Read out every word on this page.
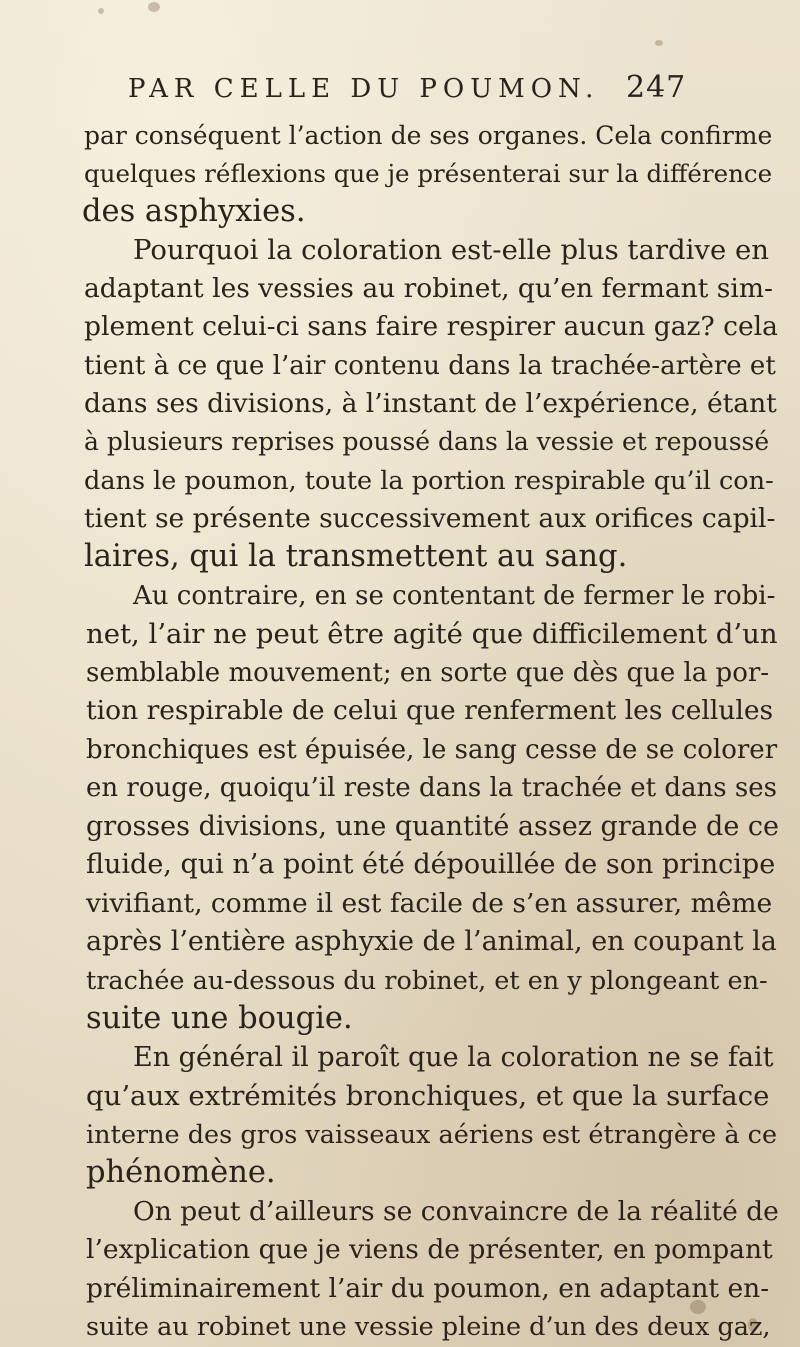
PAR CELLE DU POUMON. 247
par conséquent l’action de ses organes. Cela confirme
quelques réflexions que je présenterai sur la différence
des asphyxies.
Pourquoi la coloration est-elle plus tardive en
adaptant les vessies au robinet, qu’en fermant sim-
plement celui-ci sans faire respirer aucun gaz? cela
tient à ce que l’air contenu dans la trachée-artère et
dans ses divisions, à l’instant de l’expérience, étant
à plusieurs reprises poussé dans la vessie et repoussé
dans le poumon, toute la portion respirable qu’il con-
tient se présente successivement aux orifices capil-
laires, qui la transmettent au sang.
Au contraire, en se contentant de fermer le robi-
net, l’air ne peut être agité que difficilement d’un
semblable mouvement; en sorte que dès que la por-
tion respirable de celui que renferment les cellules
bronchiques est épuisée, le sang cesse de se colorer
en rouge, quoiqu’il reste dans la trachée et dans ses
grosses divisions, une quantité assez grande de ce
fluide, qui n’a point été dépouillée de son principe
vivifiant, comme il est facile de s’en assurer, même
après l’entière asphyxie de l’animal, en coupant la
trachée au-dessous du robinet, et en y plongeant en-
suite une bougie.
En général il paroît que la coloration ne se fait
qu’aux extrémités bronchiques, et que la surface
interne des gros vaisseaux aériens est étrangère à ce
phénomène.
On peut d’ailleurs se convaincre de la réalité de
l’explication que je viens de présenter, en pompant
préliminairement l’air du poumon, en adaptant en-
suite au robinet une vessie pleine d’un des deux gaz,
